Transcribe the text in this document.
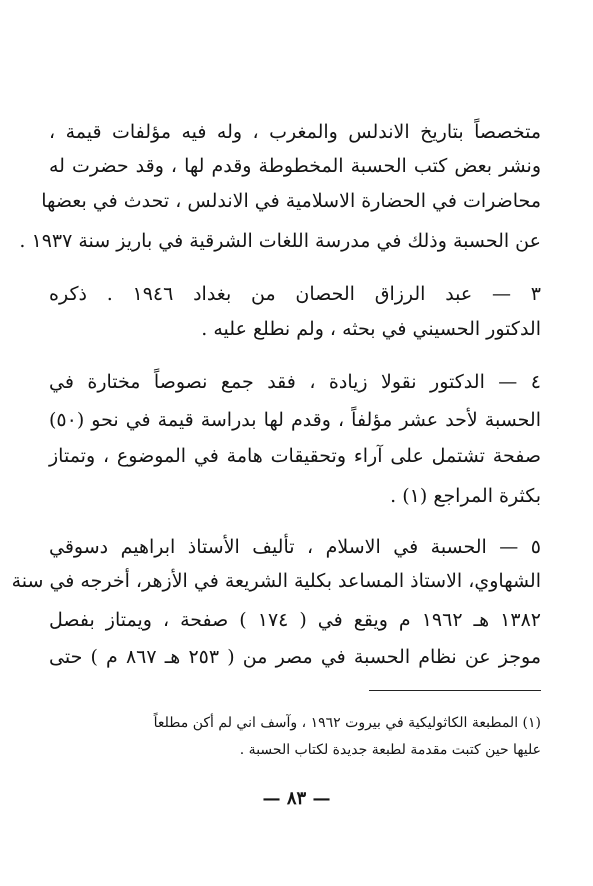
متخصصاً بتاريخ الاندلس والمغرب ، وله فيه مؤلفات قيمة ،
ونشر بعض كتب الحسبة المخطوطة وقدم لها ، وقد حضرت له
محاضرات في الحضارة الاسلامية في الاندلس ، تحدث في بعضها
عن الحسبة وذلك في مدرسة اللغات الشرقية في باريز سنة ١٩٣٧ .
٣ — عبد الرزاق الحصان من بغداد ١٩٤٦ . ذكره
الدكتور الحسيني في بحثه ، ولم نطلع عليه .
٤ — الدكتور نقولا زيادة ، فقد جمع نصوصاً مختارة في
الحسبة لأحد عشر مؤلفاً ، وقدم لها بدراسة قيمة في نحو (٥٠)
صفحة تشتمل على آراء وتحقيقات هامة في الموضوع ، وتمتاز
بكثرة المراجع (١) .
٥ — الحسبة في الاسلام ، تأليف الأستاذ ابراهيم دسوقي
الشهاوي، الاستاذ المساعد بكلية الشريعة في الأزهر، أخرجه في سنة
١٣٨٢ هـ ١٩٦٢ م ويقع في ( ١٧٤ ) صفحة ، ويمتاز بفصل
موجز عن نظام الحسبة في مصر من ( ٢٥٣ هـ ٨٦٧ م ) حتى
(١) المطبعة الكاثوليكية في بيروت ١٩٦٢ ، وآسف اني لم أكن مطلعاً
عليها حين كتبت مقدمة لطبعة جديدة لكتاب الحسبة .
— ٨٣ —
